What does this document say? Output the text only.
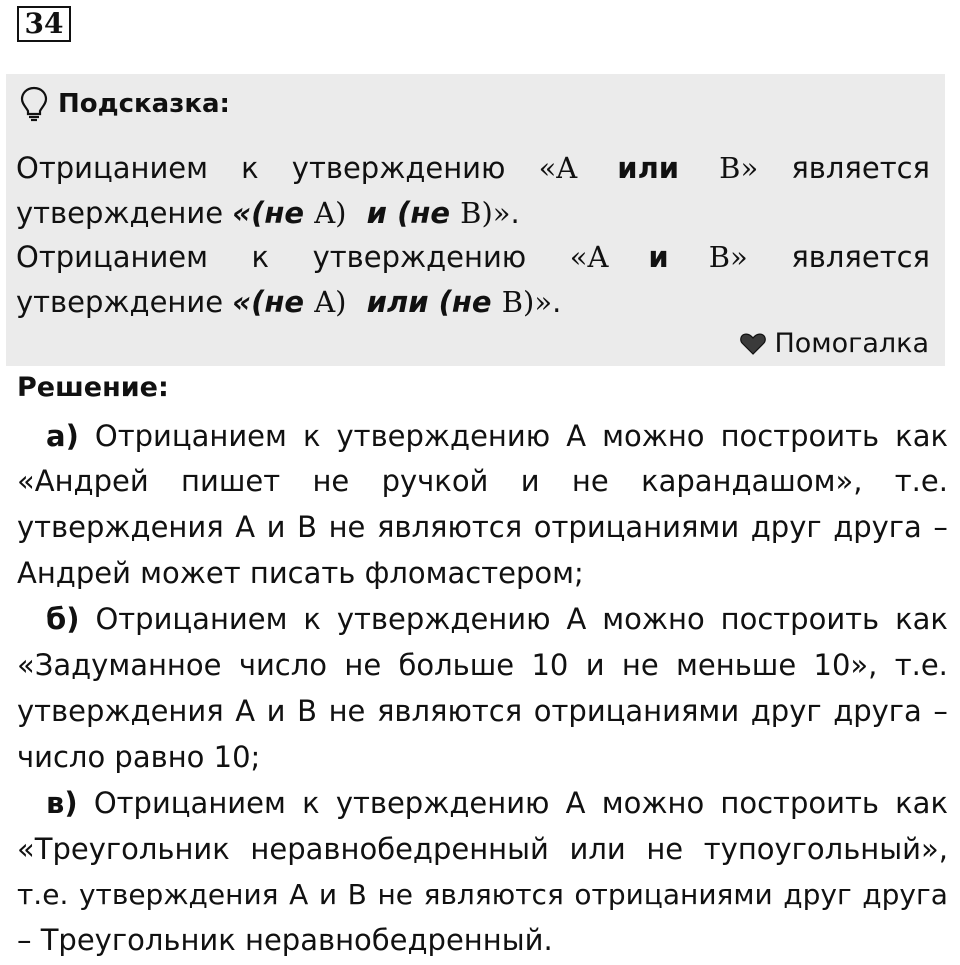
34
Подсказка:
Отрицанием к утверждению «A или B» является
утверждение «(не A)  и (не B)».
Отрицанием к утверждению «A и B» является
утверждение «(не A)  или (не B)».
Помогалка
Решение:
а) Отрицанием к утверждению А можно построить как
«Андрей пишет не ручкой и не карандашом», т.е.
утверждения А и В не являются отрицаниями друг друга –
Андрей может писать фломастером;
б) Отрицанием к утверждению А можно построить как
«Задуманное число не больше 10 и не меньше 10», т.е.
утверждения А и В не являются отрицаниями друг друга –
число равно 10;
в) Отрицанием к утверждению А можно построить как
«Треугольник неравнобедренный или не тупоугольный»,
т.е. утверждения А и В не являются отрицаниями друг друга
– Треугольник неравнобедренный.
